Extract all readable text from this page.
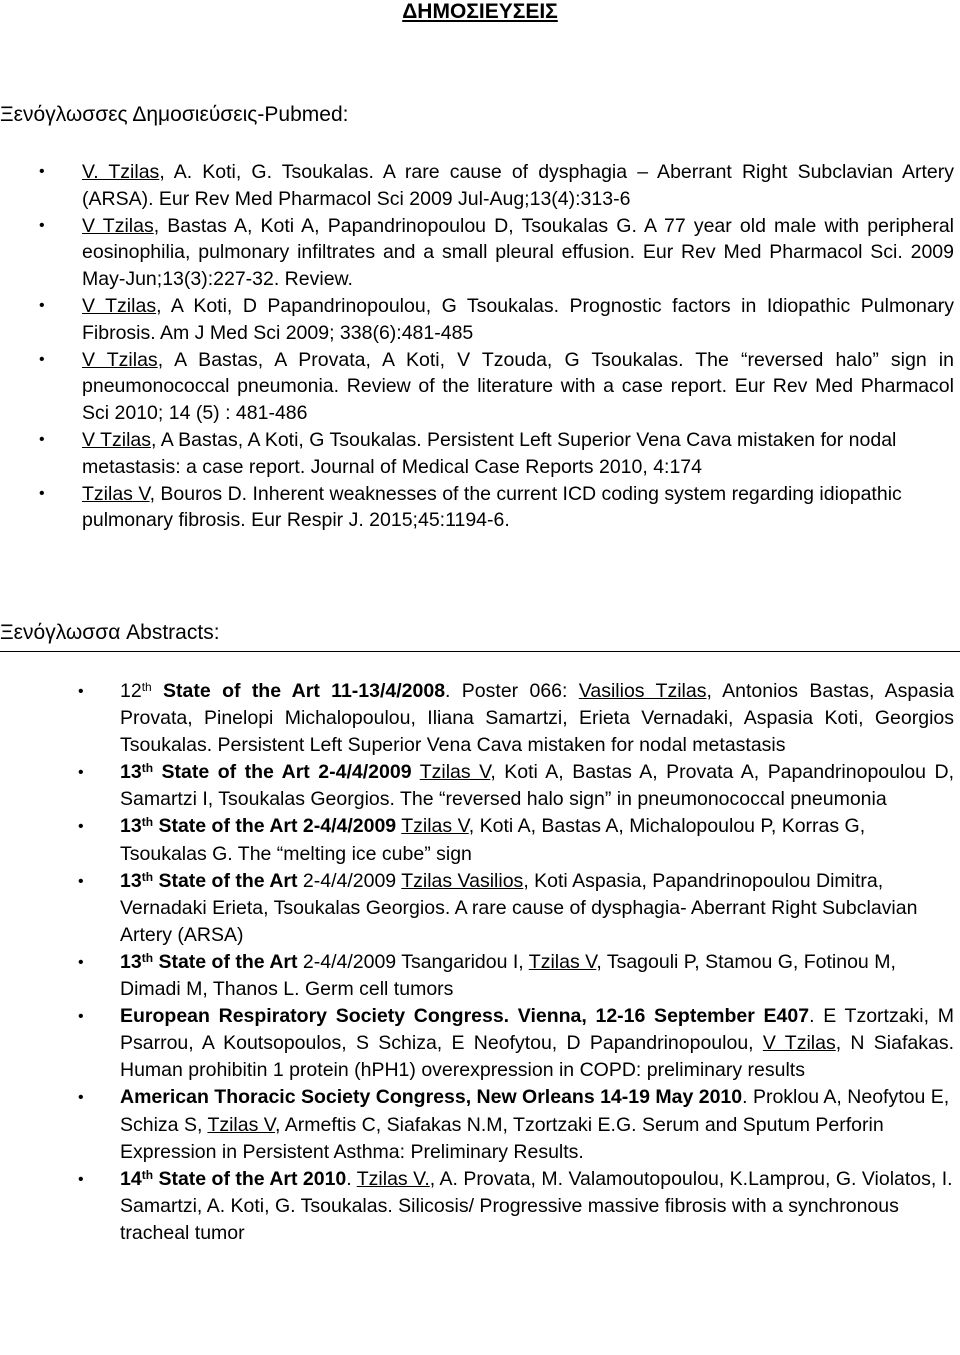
ΔΗΜΟΣΙΕΥΣΕΙΣ
Ξενόγλωσσες Δημοσιεύσεις-Pubmed:
• V. Tzilas, A. Koti, G. Tsoukalas. A rare cause of dysphagia – Aberrant Right Subclavian Artery (ARSA). Eur Rev Med Pharmacol Sci 2009 Jul-Aug;13(4):313-6
• V Tzilas, Bastas A, Koti A, Papandrinopoulou D, Tsoukalas G. A 77 year old male with peripheral eosinophilia, pulmonary infiltrates and a small pleural effusion. Eur Rev Med Pharmacol Sci. 2009 May-Jun;13(3):227-32. Review.
• V Tzilas, A Koti, D Papandrinopoulou, G Tsoukalas. Prognostic factors in Idiopathic Pulmonary Fibrosis. Am J Med Sci 2009; 338(6):481-485
• V Tzilas, A Bastas, A Provata, A Koti, V Tzouda, G Tsoukalas. The “reversed halo” sign in pneumonococcal pneumonia. Review of the literature with a case report. Eur Rev Med Pharmacol Sci 2010; 14 (5) : 481-486
• V Tzilas, A Bastas, A Koti, G Tsoukalas. Persistent Left Superior Vena Cava mistaken for nodal metastasis: a case report. Journal of Medical Case Reports 2010, 4:174
• Tzilas V, Bouros D. Inherent weaknesses of the current ICD coding system regarding idiopathic pulmonary fibrosis. Eur Respir J. 2015;45:1194-6.
Ξενόγλωσσα Abstracts:
• 12th State of the Art 11-13/4/2008. Poster 066: Vasilios Tzilas, Antonios Bastas, Aspasia Provata, Pinelopi Michalopoulou, Iliana Samartzi, Erieta Vernadaki, Aspasia Koti, Georgios Tsoukalas. Persistent Left Superior Vena Cava mistaken for nodal metastasis
• 13th State of the Art 2-4/4/2009 Tzilas V, Koti A, Bastas A, Provata A, Papandrinopoulou D, Samartzi I, Tsoukalas Georgios. The “reversed halo sign” in pneumonococcal pneumonia
• 13th State of the Art 2-4/4/2009 Tzilas V, Koti A, Bastas A, Michalopoulou P, Korras G, Tsoukalas G. The “melting ice cube” sign
• 13th State of the Art 2-4/4/2009 Tzilas Vasilios, Koti Aspasia, Papandrinopoulou Dimitra, Vernadaki Erieta, Tsoukalas Georgios. A rare cause of dysphagia- Aberrant Right Subclavian Artery (ARSA)
• 13th State of the Art 2-4/4/2009 Tsangaridou I, Tzilas V, Tsagouli P, Stamou G, Fotinou M, Dimadi M, Thanos L. Germ cell tumors
• European Respiratory Society Congress. Vienna, 12-16 September E407. E Tzortzaki, M Psarrou, A Koutsopoulos, S Schiza, E Neofytou, D Papandrinopoulou, V Tzilas, N Siafakas. Human prohibitin 1 protein (hPH1) overexpression in COPD: preliminary results
• American Thoracic Society Congress, New Orleans 14-19 May 2010. Proklou A, Neofytou E, Schiza S, Tzilas V, Armeftis C, Siafakas N.M, Tzortzaki E.G. Serum and Sputum Perforin Expression in Persistent Asthma: Preliminary Results.
• 14th State of the Art 2010. Tzilas V., A. Provata, M. Valamoutopoulou, K.Lamprou, G. Violatos, I. Samartzi, A. Koti, G. Tsoukalas. Silicosis/ Progressive massive fibrosis with a synchronous tracheal tumor
